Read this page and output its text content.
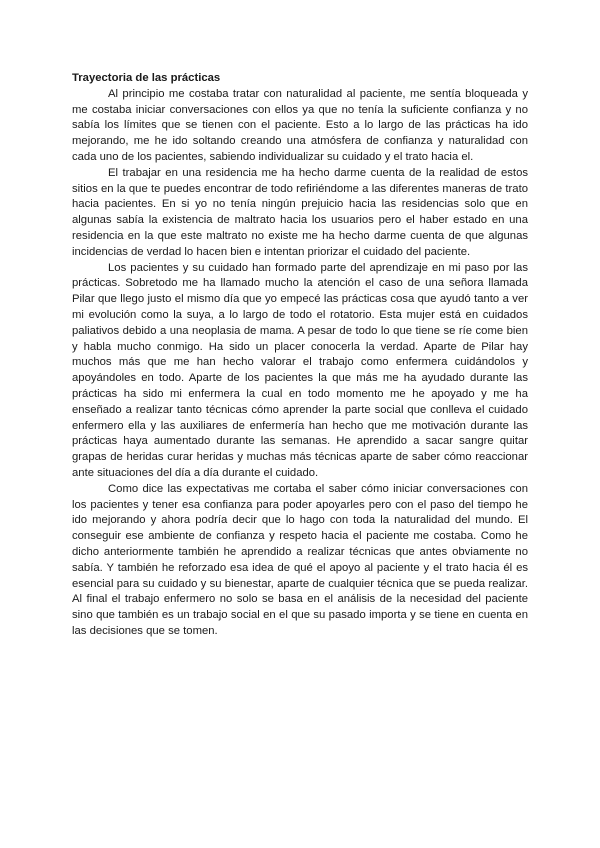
Trayectoria de las prácticas

Al principio me costaba tratar con naturalidad al paciente, me sentía bloqueada y me costaba iniciar conversaciones con ellos ya que no tenía la suficiente confianza y no sabía los límites que se tienen con el paciente. Esto a lo largo de las prácticas ha ido mejorando, me he ido soltando creando una atmósfera de confianza y naturalidad con cada uno de los pacientes, sabiendo individualizar su cuidado y el trato hacia el.

El trabajar en una residencia me ha hecho darme cuenta de la realidad de estos sitios en la que te puedes encontrar de todo refiriéndome a las diferentes maneras de trato hacia pacientes. En si yo no tenía ningún prejuicio hacia las residencias solo que en algunas sabía la existencia de maltrato hacia los usuarios pero el haber estado en una residencia en la que este maltrato no existe me ha hecho darme cuenta de que algunas incidencias de verdad lo hacen bien e intentan priorizar el cuidado del paciente.

Los pacientes y su cuidado han formado parte del aprendizaje en mi paso por las prácticas. Sobretodo me ha llamado mucho la atención el caso de una señora llamada Pilar que llego justo el mismo día que yo empecé las prácticas cosa que ayudó tanto a ver mi evolución como la suya, a lo largo de todo el rotatorio. Esta mujer está en cuidados paliativos debido a una neoplasia de mama. A pesar de todo lo que tiene se ríe come bien y habla mucho conmigo. Ha sido un placer conocerla la verdad. Aparte de Pilar hay muchos más que me han hecho valorar el trabajo como enfermera cuidándolos y apoyándoles en todo. Aparte de los pacientes la que más me ha ayudado durante las prácticas ha sido mi enfermera la cual en todo momento me he apoyado y me ha enseñado a realizar tanto técnicas cómo aprender la parte social que conlleva el cuidado enfermero ella y las auxiliares de enfermería han hecho que me motivación durante las prácticas haya aumentado durante las semanas. He aprendido a sacar sangre quitar grapas de heridas curar heridas y muchas más técnicas aparte de saber cómo reaccionar ante situaciones del día a día durante el cuidado.

Como dice las expectativas me cortaba el saber cómo iniciar conversaciones con los pacientes y tener esa confianza para poder apoyarles pero con el paso del tiempo he ido mejorando y ahora podría decir que lo hago con toda la naturalidad del mundo. El conseguir ese ambiente de confianza y respeto hacia el paciente me costaba. Como he dicho anteriormente también he aprendido a realizar técnicas que antes obviamente no sabía. Y también he reforzado esa idea de qué el apoyo al paciente y el trato hacia él es esencial para su cuidado y su bienestar, aparte de cualquier técnica que se pueda realizar. Al final el trabajo enfermero no solo se basa en el análisis de la necesidad del paciente sino que también es un trabajo social en el que su pasado importa y se tiene en cuenta en las decisiones que se tomen.
